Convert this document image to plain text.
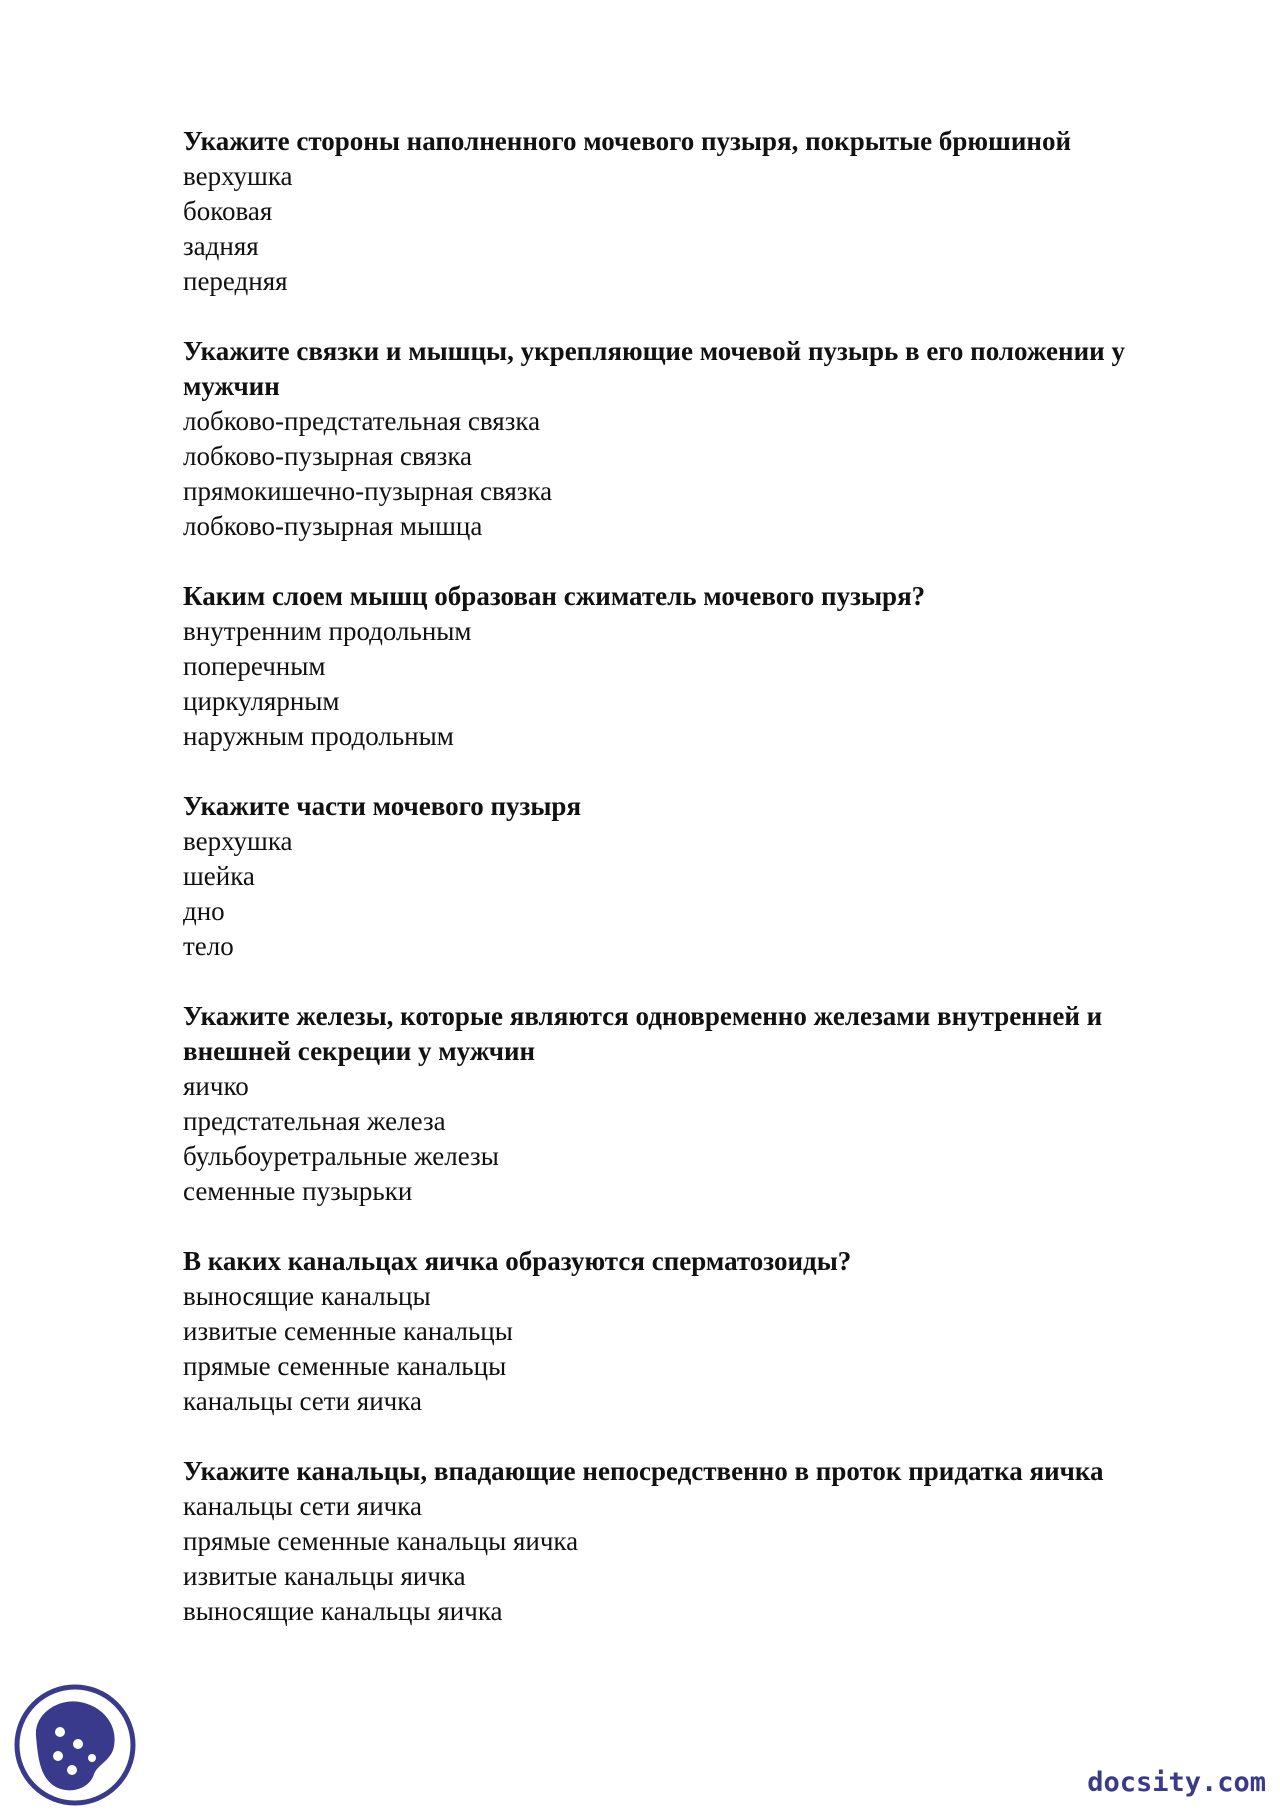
Укажите стороны наполненного мочевого пузыря, покрытые брюшиной

верхушка

боковая

задняя

передняя

Укажите связки и мышцы, укрепляющие мочевой пузырь в его положении у мужчин

лобково-предстательная связка

лобково-пузырная связка

прямокишечно-пузырная связка

лобково-пузырная мышца

Каким слоем мышц образован сжиматель мочевого пузыря?

внутренним продольным

поперечным

циркулярным

наружным продольным

Укажите части мочевого пузыря

верхушка

шейка

дно

тело

Укажите железы, которые являются одновременно железами внутренней и внешней секреции у мужчин

яичко

предстательная железа

бульбоуретральные железы

семенные пузырьки

В каких канальцах яичка образуются сперматозоиды?

выносящие канальцы

извитые семенные канальцы

прямые семенные канальцы

канальцы сети яичка

Укажите канальцы, впадающие непосредственно в проток придатка яичка

канальцы сети яичка

прямые семенные канальцы яичка

извитые канальцы яичка

выносящие канальцы яичка

docsity.com
